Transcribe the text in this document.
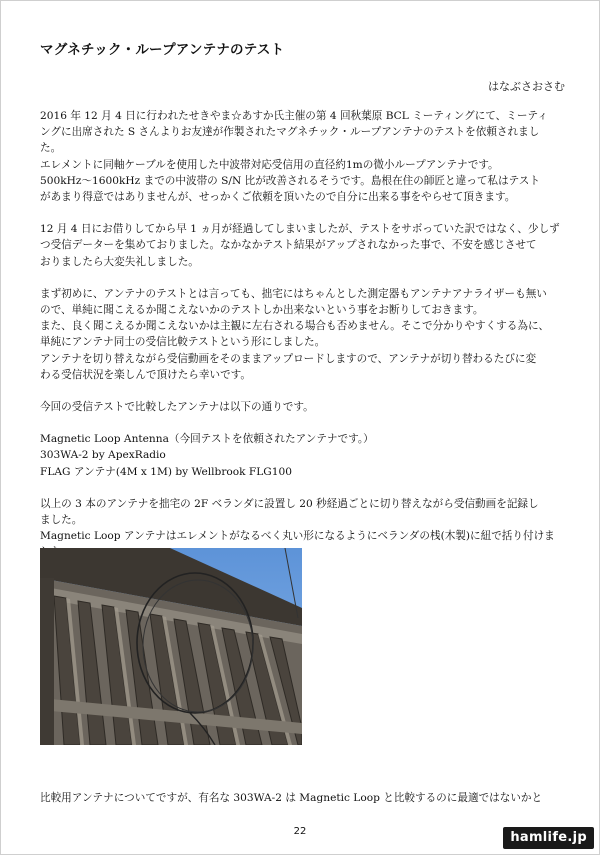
マグネチック・ループアンテナのテスト
はなぶさおさむ
2016 年 12 月 4 日に行われたせきやま☆あすか氏主催の第 4 回秋葉原 BCL ミーティングにて、ミーティ
ングに出席された S さんよりお友達が作製されたマグネチック・ループアンテナのテストを依頼されまし
た。
エレメントに同軸ケーブルを使用した中波帯対応受信用の直径約1mの微小ループアンテナです。
500kHz～1600kHz までの中波帯の S/N 比が改善されるそうです。島根在住の師匠と違って私はテスト
があまり得意ではありませんが、せっかくご依頼を頂いたので自分に出来る事をやらせて頂きます。
12 月 4 日にお借りしてから早 1 ヵ月が経過してしまいましたが、テストをサボっていた訳ではなく、少しず
つ受信データーを集めておりました。なかなかテスト結果がアップされなかった事で、不安を感じさせて
おりましたら大変失礼しました。
まず初めに、アンテナのテストとは言っても、拙宅にはちゃんとした測定器もアンテナアナライザーも無い
ので、単純に聞こえるか聞こえないかのテストしか出来ないという事をお断りしておきます。
また、良く聞こえるか聞こえないかは主観に左右される場合も否めません。そこで分かりやすくする為に、
単純にアンテナ同士の受信比較テストという形にしました。
アンテナを切り替えながら受信動画をそのままアップロードしますので、アンテナが切り替わるたびに変
わる受信状況を楽しんで頂けたら幸いです。
今回の受信テストで比較したアンテナは以下の通りです。
Magnetic Loop Antenna（今回テストを依頼されたアンテナです。）
303WA-2 by ApexRadio
FLAG アンテナ(4M x 1M) by Wellbrook FLG100
以上の 3 本のアンテナを拙宅の 2F ベランダに設置し 20 秒経過ごとに切り替えながら受信動画を記録し
ました。
Magnetic Loop アンテナはエレメントがなるべく丸い形になるようにベランダの桟(木製)に紐で括り付けま
比較用アンテナについてですが、有名な 303WA-2 は Magnetic Loop と比較するのに最適ではないかと
22	hamlife.jp
